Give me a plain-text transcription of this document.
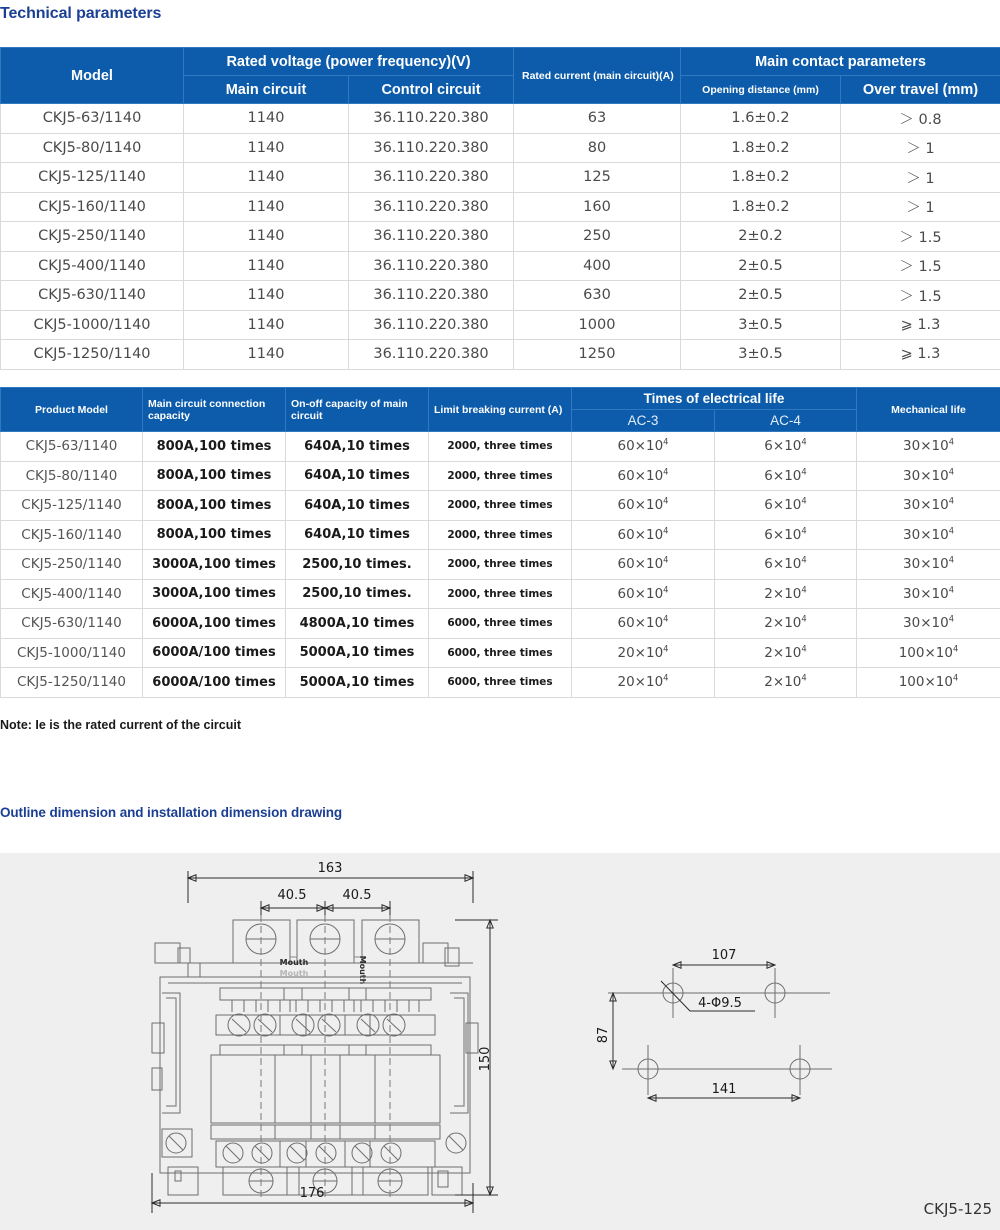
Technical parameters
Model	Rated voltage (power frequency)(V)		Rated current (main circuit)(A)	Main contact parameters	
	Main circuit	Control circuit		Opening distance (mm)	Over travel (mm)
CKJ5-63/1140	1140	36.110.220.380	63	1.6±0.2	＞ 0.8
CKJ5-80/1140	1140	36.110.220.380	80	1.8±0.2	＞ 1
CKJ5-125/1140	1140	36.110.220.380	125	1.8±0.2	＞ 1
CKJ5-160/1140	1140	36.110.220.380	160	1.8±0.2	＞ 1
CKJ5-250/1140	1140	36.110.220.380	250	2±0.2	＞ 1.5
CKJ5-400/1140	1140	36.110.220.380	400	2±0.5	＞ 1.5
CKJ5-630/1140	1140	36.110.220.380	630	2±0.5	＞ 1.5
CKJ5-1000/1140	1140	36.110.220.380	1000	3±0.5	⩾ 1.3
CKJ5-1250/1140	1140	36.110.220.380	1250	3±0.5	⩾ 1.3
Product Model	Main circuit connection capacity	On-off capacity of main circuit	Limit breaking current (A)	Times of electrical life		Mechanical life
				AC-3	AC-4	
CKJ5-63/1140	800A,100 times	640A,10 times	2000, three times	$60\times 10^4$	$6\times 10^4$	$30\times 10^4$
CKJ5-80/1140	800A,100 times	640A,10 times	2000, three times	$60\times 10^4$	$6\times 10^4$	$30\times 10^4$
CKJ5-125/1140	800A,100 times	640A,10 times	2000, three times	$60\times 10^4$	$6\times 10^4$	$30\times 10^4$
CKJ5-160/1140	800A,100 times	640A,10 times	2000, three times	$60\times 10^4$	$6\times 10^4$	$30\times 10^4$
CKJ5-250/1140	3000A,100 times	2500,10 times.	2000, three times	$60\times 10^4$	$6\times 10^4$	$30\times 10^4$
CKJ5-400/1140	3000A,100 times	2500,10 times.	2000, three times	$60\times 10^4$	$2\times 10^4$	$30\times 10^4$
CKJ5-630/1140	6000A,100 times	4800A,10 times	6000, three times	$60\times 10^4$	$2\times 10^4$	$30\times 10^4$
CKJ5-1000/1140	6000A/100 times	5000A,10 times	6000, three times	$20\times 10^4$	$2\times 10^4$	$100\times 10^4$
CKJ5-1250/1140	6000A/100 times	5000A,10 times	6000, three times	$20\times 10^4$	$2\times 10^4$	$100\times 10^4$
Note: Ie is the rated current of the circuit
Outline dimension and installation dimension drawing
Mouth
Mouth	Mouth
163
40.5	40.5
150
176
107
141
87
4-Φ9.5
CKJ5-125
